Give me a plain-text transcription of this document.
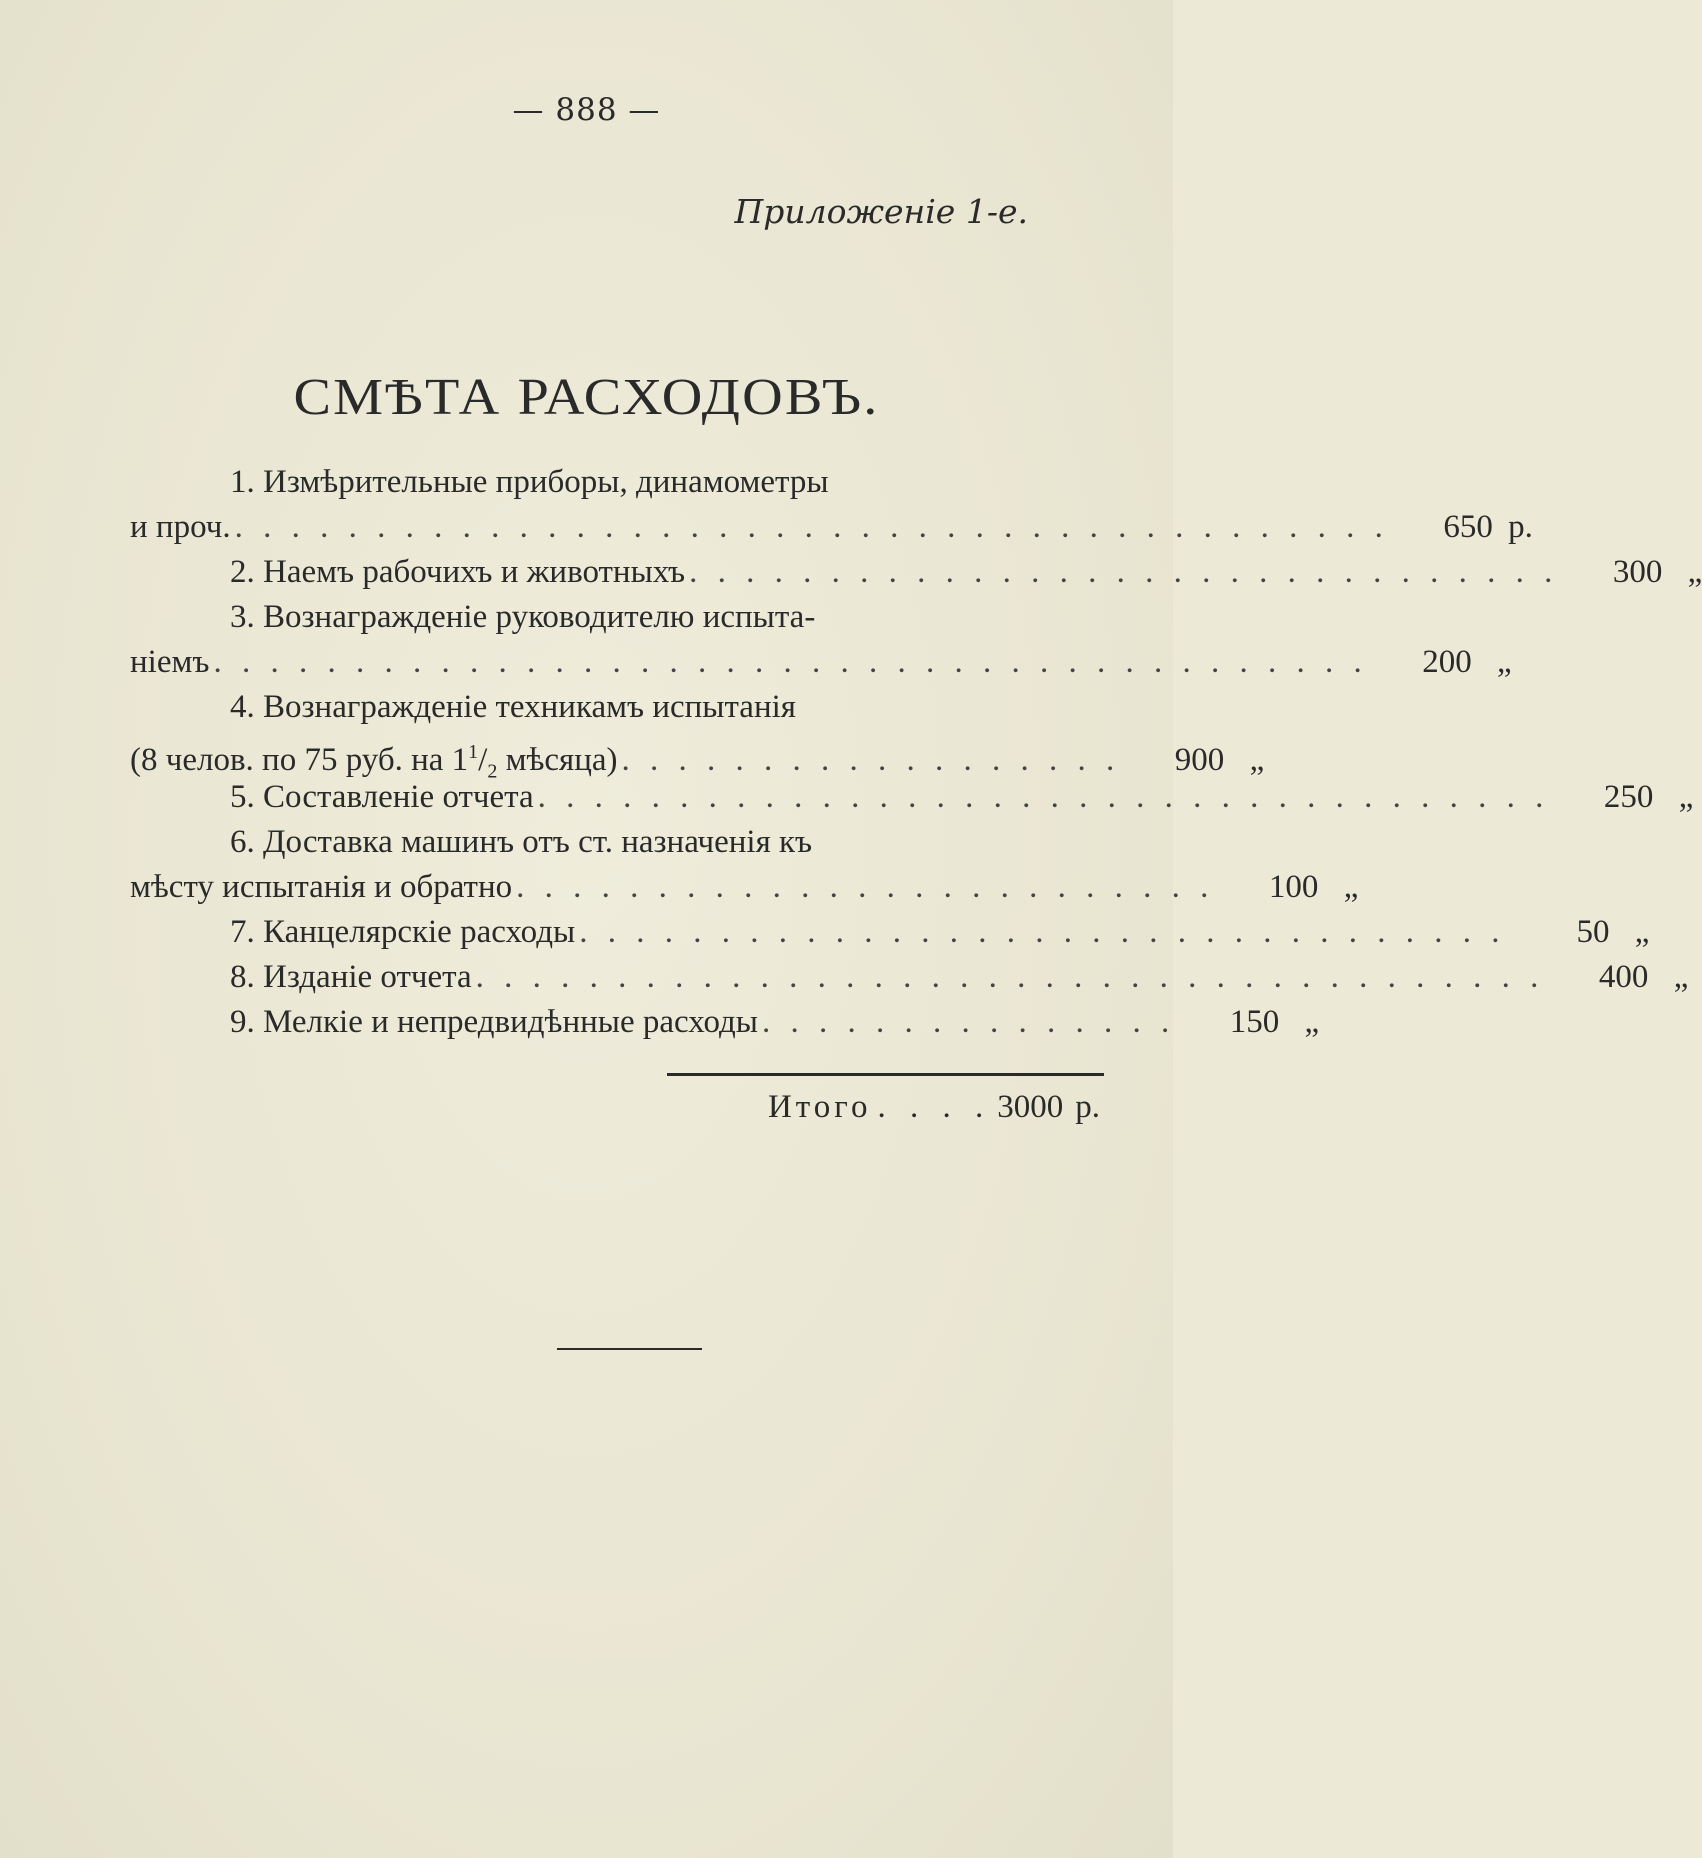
— 888 —
Приложеніе 1-е.
СМѢТА РАСХОДОВЪ.
1. Измѣрительные приборы, динамометры
и проч. . . . . . . . . . . . . . . . . . . . . . . . . . . . . . . . . . . . . . . . . .	650 р.
2. Наемъ рабочихъ и животныхъ . . . . . . . . . . . . . . . . . . . . . . . . . . . . . . .	300 „
3. Вознагражденіе руководителю испыта-
ніемъ . . . . . . . . . . . . . . . . . . . . . . . . . . . . . . . . . . . . . . . . .	200 „
4. Вознагражденіе техникамъ испытанія
(8 челов. по 75 руб. на $1^1/_2$ мѣсяца) . . . . . . . . . . . . . . . . . .	900 „
5. Составленіе отчета . . . . . . . . . . . . . . . . . . . . . . . . . . . . . . . . . . . .	250 „
6. Доставка машинъ отъ ст. назначенія къ
мѣсту испытанія и обратно . . . . . . . . . . . . . . . . . . . . . . . . .	100 „
7. Канцелярскіе расходы . . . . . . . . . . . . . . . . . . . . . . . . . . . . . . . . .	50 „
8. Изданіе отчета . . . . . . . . . . . . . . . . . . . . . . . . . . . . . . . . . . . . . .	400 „
9. Мелкіе и непредвидѣнные расходы . . . . . . . . . . . . . . .	150 „
Итого . . . . 3000 р.
